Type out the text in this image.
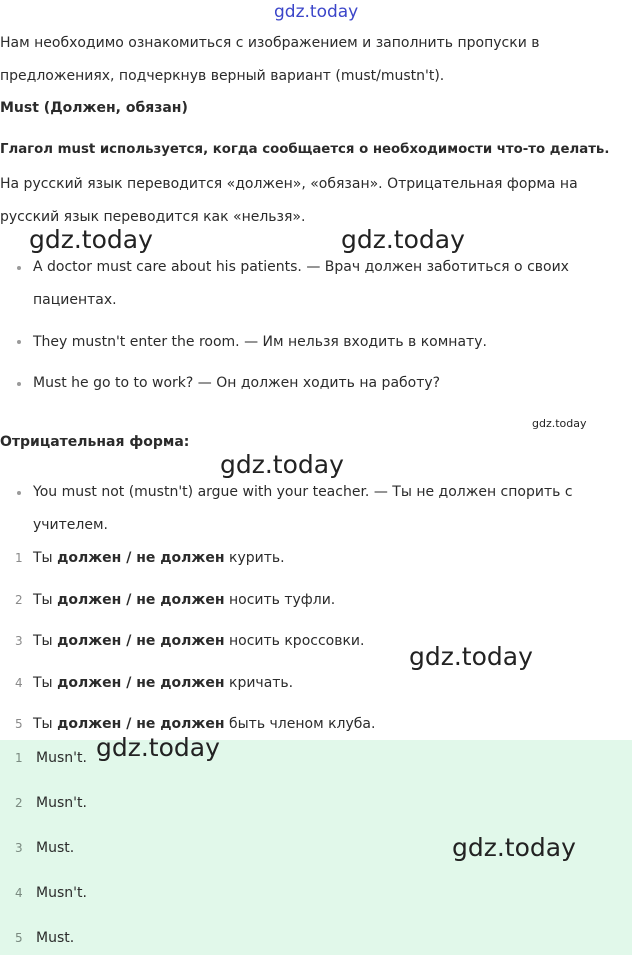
gdz.today
Нам необходимо ознакомиться с изображением и заполнить пропуски в
предложениях, подчеркнув верный вариант (must/mustn't).
Must (Должен, обязан)
Глагол must используется, когда сообщается о необходимости что-то делать.
На русский язык переводится «должен», «обязан». Отрицательная форма на
русский язык переводится как «нельзя».
gdz.today	gdz.today
A doctor must care about his patients. — Врач должен заботиться о своих
пациентах.
They mustn't enter the room. — Им нельзя входить в комнату.
Must he go to to work? — Он должен ходить на работу?
gdz.today
Отрицательная форма:
gdz.today
You must not (mustn't) argue with your teacher. — Ты не должен спорить с
учителем.
1 Ты должен / не должен курить.
2 Ты должен / не должен носить туфли.
3 Ты должен / не должен носить кроссовки.
gdz.today
4 Ты должен / не должен кричать.
5 Ты должен / не должен быть членом клуба.
1 Musn't.
2 Musn't.
3 Must.
4 Musn't.
5 Must.
gdz.today
gdz.today
